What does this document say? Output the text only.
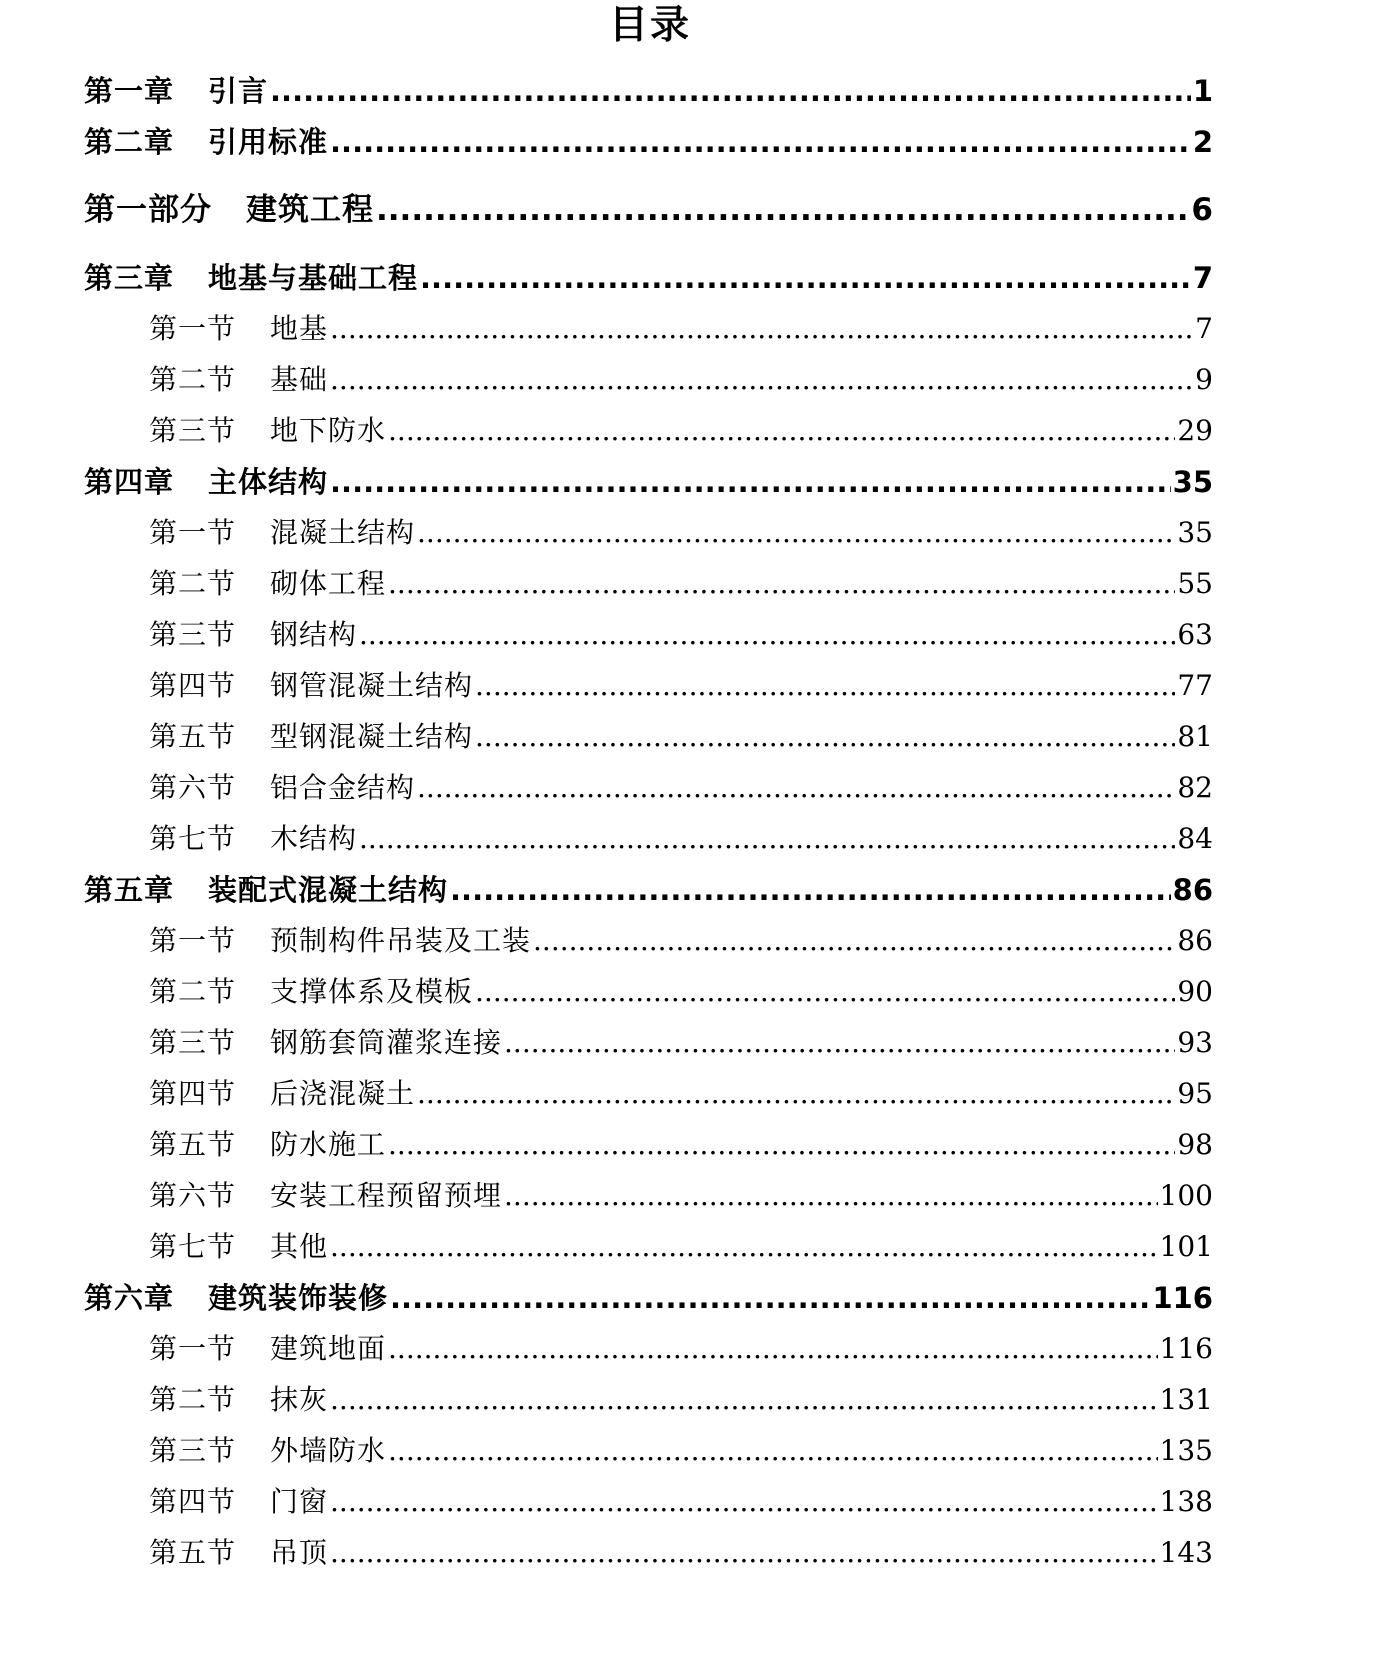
目录
第一章 引言 .....	1
第二章 引用标准 .....	2
第一部分 建筑工程 .....	6
第三章 地基与基础工程 .....	7
第一节 地基 .....	7
第二节 基础 .....	9
第三节 地下防水 .....	29
第四章 主体结构 .....	35
第一节 混凝土结构 .....	35
第二节 砌体工程 .....	55
第三节 钢结构 .....	63
第四节 钢管混凝土结构 .....	77
第五节 型钢混凝土结构 .....	81
第六节 铝合金结构 .....	82
第七节 木结构 .....	84
第五章 装配式混凝土结构 .....	86
第一节 预制构件吊装及工装 .....	86
第二节 支撑体系及模板 .....	90
第三节 钢筋套筒灌浆连接 .....	93
第四节 后浇混凝土 .....	95
第五节 防水施工 .....	98
第六节 安装工程预留预埋 .....	100
第七节 其他 .....	101
第六章 建筑装饰装修 .....	116
第一节 建筑地面 .....	116
第二节 抹灰 .....	131
第三节 外墙防水 .....	135
第四节 门窗 .....	138
第五节 吊顶 .....	143
